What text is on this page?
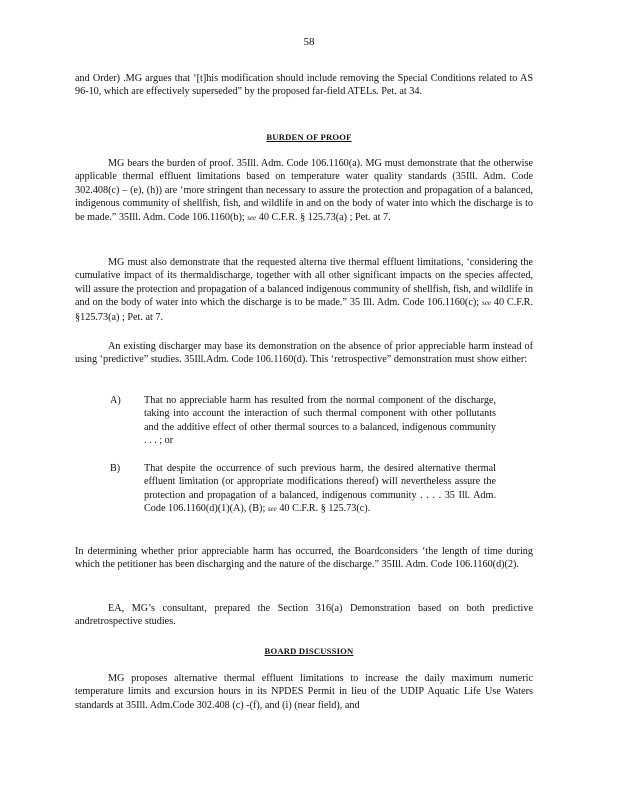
58
and Order) .MG argues that ‘[t]his modification should include removing the Special Conditions related to AS 96-10, which are effectively superseded” by the proposed far-field ATELs. Pet. at 34.
BURDEN OF PROOF
MG bears the burden of proof. 35Ill. Adm. Code 106.1160(a). MG must demonstrate that the otherwise applicable thermal effluent limitations based on temperature water quality standards (35Ill. Adm. Code 302.408(c) – (e), (h)) are ‘more stringent than necessary to assure the protection and propagation of a balanced, indigenous community of shellfish, fish, and wildlife in and on the body of water into which the discharge is to be made.” 35Ill. Adm. Code 106.1160(b); see 40 C.F.R. § 125.73(a) ; Pet. at 7.
MG must also demonstrate that the requested alterna tive thermal effluent limitations, ‘considering the cumulative impact of its thermaldischarge, together with all other significant impacts on the species affected, will assure the protection and propagation of a balanced indigenous community of shellfish, fish, and wildlife in and on the body of water into which the discharge is to be made.” 35 Ill. Adm. Code 106.1160(c); see 40 C.F.R. §125.73(a) ; Pet. at 7.
An existing discharger may base its demonstration on the absence of prior appreciable harm instead of using ‘predictive” studies. 35Ill.Adm. Code 106.1160(d). This ‘retrospective” demonstration must show either:
A) That no appreciable harm has resulted from the normal component of the discharge, taking into account the interaction of such thermal component with other pollutants and the additive effect of other thermal sources to a balanced, indigenous community . . . ; or
B) That despite the occurrence of such previous harm, the desired alternative thermal effluent limitation (or appropriate modifications thereof) will nevertheless assure the protection and propagation of a balanced, indigenous community . . . . 35 Ill. Adm. Code 106.1160(d)(1)(A), (B); see 40 C.F.R. § 125.73(c).
In determining whether prior appreciable harm has occurred, the Boardconsiders ‘the length of time during which the petitioner has been discharging and the nature of the discharge.” 35Ill. Adm. Code 106.1160(d)(2).
EA, MG’s consultant, prepared the Section 316(a) Demonstration based on both predictive andretrospective studies.
BOARD DISCUSSION
MG proposes alternative thermal effluent limitations to increase the daily maximum numeric temperature limits and excursion hours in its NPDES Permit in lieu of the UDIP Aquatic Life Use Waters standards at 35Ill. Adm.Code 302.408 (c) -(f), and (i) (near field), and
